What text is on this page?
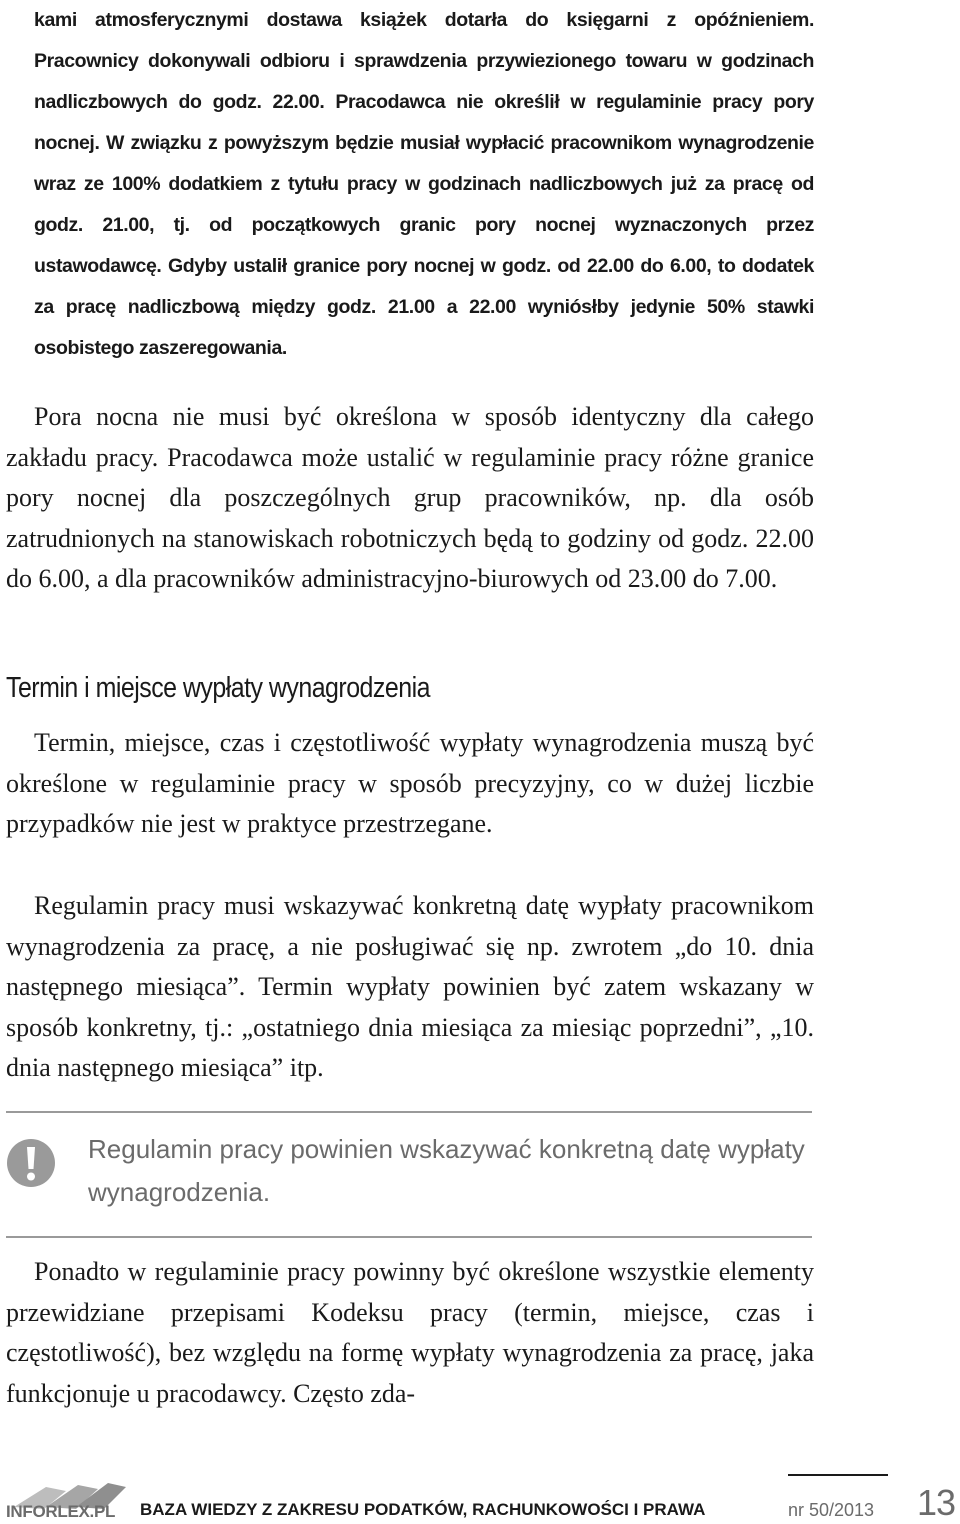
kami atmosferycznymi dostawa książek dotarła do księgarni z opóźnieniem. Pracownicy dokonywali odbioru i sprawdzenia przywiezionego towaru w godzinach nadliczbowych do godz. 22.00. Pracodawca nie określił w regulaminie pracy pory nocnej. W związku z powyższym będzie musiał wypłacić pracownikom wynagrodzenie wraz ze 100% dodatkiem z tytułu pracy w godzinach nadliczbowych już za pracę od godz. 21.00, tj. od początkowych granic pory nocnej wyznaczonych przez ustawodawcę. Gdyby ustalił granice pory nocnej w godz. od 22.00 do 6.00, to dodatek za pracę nadliczbową między godz. 21.00 a 22.00 wyniósłby jedynie 50% stawki osobistego zaszeregowania.

Pora nocna nie musi być określona w sposób identyczny dla całego zakładu pracy. Pracodawca może ustalić w regulaminie pracy różne granice pory nocnej dla poszczególnych grup pracowników, np. dla osób zatrudnionych na stanowiskach robotniczych będą to godziny od godz. 22.00 do 6.00, a dla pracowników administracyjno-biurowych od 23.00 do 7.00.

Termin i miejsce wypłaty wynagrodzenia

Termin, miejsce, czas i częstotliwość wypłaty wynagrodzenia muszą być określone w regulaminie pracy w sposób precyzyjny, co w dużej liczbie przypadków nie jest w praktyce przestrzegane.

Regulamin pracy musi wskazywać konkretną datę wypłaty pracownikom wynagrodzenia za pracę, a nie posługiwać się np. zwrotem „do 10. dnia następnego miesiąca”. Termin wypłaty powinien być zatem wskazany w sposób konkretny, tj.: „ostatniego dnia miesiąca za miesiąc poprzedni”, „10. dnia następnego miesiąca” itp.

Regulamin pracy powinien wskazywać konkretną datę wypłaty wynagrodzenia.

Ponadto w regulaminie pracy powinny być określone wszystkie elementy przewidziane przepisami Kodeksu pracy (termin, miejsce, czas i częstotliwość), bez względu na formę wypłaty wynagrodzenia za pracę, jaka funkcjonuje u pracodawcy. Często zda-

INFORLEX.PL BAZA WIEDZY Z ZAKRESU PODATKÓW, RACHUNKOWOŚCI I PRAWA	nr 50/2013 13
